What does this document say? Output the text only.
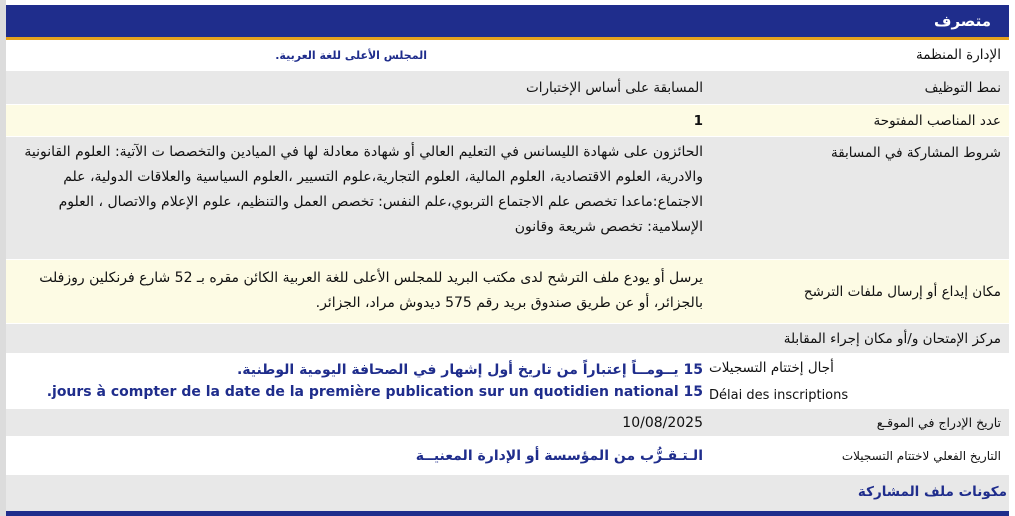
متصرف
الإدارة المنظمة
المجلس الأعلى للغة العربية.
نمط التوظيف
المسابقة على أساس الإختبارات
عدد المناصب المفتوحة
1
شروط المشاركة في المسابقة
الحائزون على شهادة الليسانس في التعليم العالي أو شهادة معادلة لها في الميادين والتخصصا ت الآتية: العلوم القانونية والادرية، العلوم الاقتصادية، العلوم المالية، العلوم التجارية،علوم التسيير ،العلوم السياسية والعلاقات الدولية، علم الاجتماع:ماعدا تخصص علم الاجتماع التربوي،علم النفس: تخصص العمل والتنظيم، علوم الإعلام والاتصال ، العلوم الإسلامية: تخصص شريعة وقانون
مكان إيداع أو إرسال ملفات الترشح
يرسل أو يودع ملف الترشح لدى مكتب البريد للمجلس الأعلى للغة العربية الكائن مقره بـ 52 شارع فرنكلين روزفلت بالجزائر، أو عن طريق صندوق بريد رقم 575 ديدوش مراد، الجزائر.
مركز الإمتحان و/أو مكان إجراء المقابلة
أجال إختتام التسجيلات
Délai des inscriptions
15 يــومــاً إعتباراً من تاريخ أول إشهار في الصحافة اليومية الوطنية.
15 jours à compter de la date de la première publication sur un quotidien national.
تاريخ الإدراج في الموقـع
10/08/2025
التاريخ الفعلي لاختتام التسجيلات
الـتـقـرُّب من المؤسسة أو الإدارة المعنيــة
مكونات ملف المشاركة
